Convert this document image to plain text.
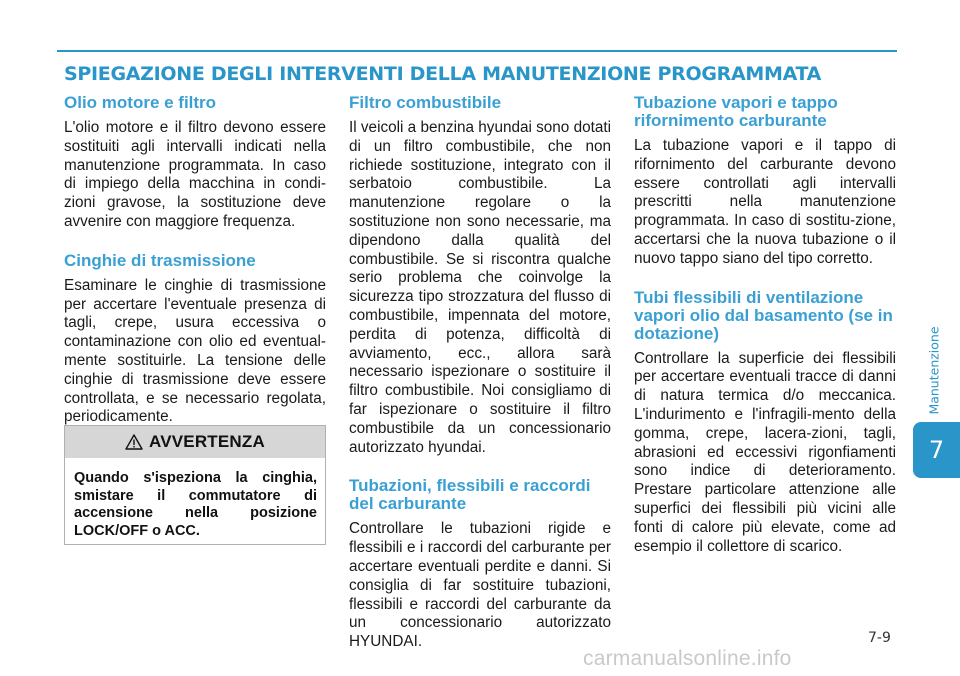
SPIEGAZIONE DEGLI INTERVENTI DELLA MANUTENZIONE PROGRAMMATA
Olio motore e filtro

L'olio motore e il filtro devono essere sostituiti agli intervalli indicati nella manutenzione programmata. In caso di impiego della macchina in condi-zioni gravose, la sostituzione deve avvenire con maggiore frequenza.

Cinghie di trasmissione

Esaminare le cinghie di trasmissione per accertare l'eventuale presenza di tagli, crepe, usura eccessiva o contaminazione con olio ed eventual-mente sostituirle. La tensione delle cinghie di trasmissione deve essere controllata, e se necessario regolata, periodicamente.

AVVERTENZA
Quando s'ispeziona la cinghia, smistare il commutatore di accensione nella posizione LOCK/OFF o ACC.
Filtro combustibile

Il veicoli a benzina hyundai sono dotati di un filtro combustibile, che non richiede sostituzione, integrato con il serbatoio combustibile. La manutenzione regolare o la sostituzione non sono necessarie, ma dipendono dalla qualità del combustibile. Se si riscontra qualche serio problema che coinvolge la sicurezza tipo strozzatura del flusso di combustibile, impennata del motore, perdita di potenza, difficoltà di avviamento, ecc., allora sarà necessario ispezionare o sostituire il filtro combustibile. Noi consigliamo di far ispezionare o sostituire il filtro combustibile da un concessionario autorizzato hyundai.

Tubazioni, flessibili e raccordi del carburante

Controllare le tubazioni rigide e flessibili e i raccordi del carburante per accertare eventuali perdite e danni. Si consiglia di far sostituire tubazioni, flessibili e raccordi del carburante da un concessionario autorizzato HYUNDAI.

Tubazione vapori e tappo rifornimento carburante

La tubazione vapori e il tappo di rifornimento del carburante devono essere controllati agli intervalli prescritti nella manutenzione programmata. In caso di sostitu-zione, accertarsi che la nuova tubazione o il nuovo tappo siano del tipo corretto.

Tubi flessibili di ventilazione vapori olio dal basamento (se in dotazione)

Controllare la superficie dei flessibili per accertare eventuali tracce di danni di natura termica d/o meccanica. L'indurimento e l'infragili-mento della gomma, crepe, lacera-zioni, tagli, abrasioni ed eccessivi rigonfiamenti sono indice di deterioramento. Prestare particolare attenzione alle superfici dei flessibili più vicini alle fonti di calore più elevate, come ad esempio il collettore di scarico.

Manutenzione
7
7-9
carmanualsonline.info
